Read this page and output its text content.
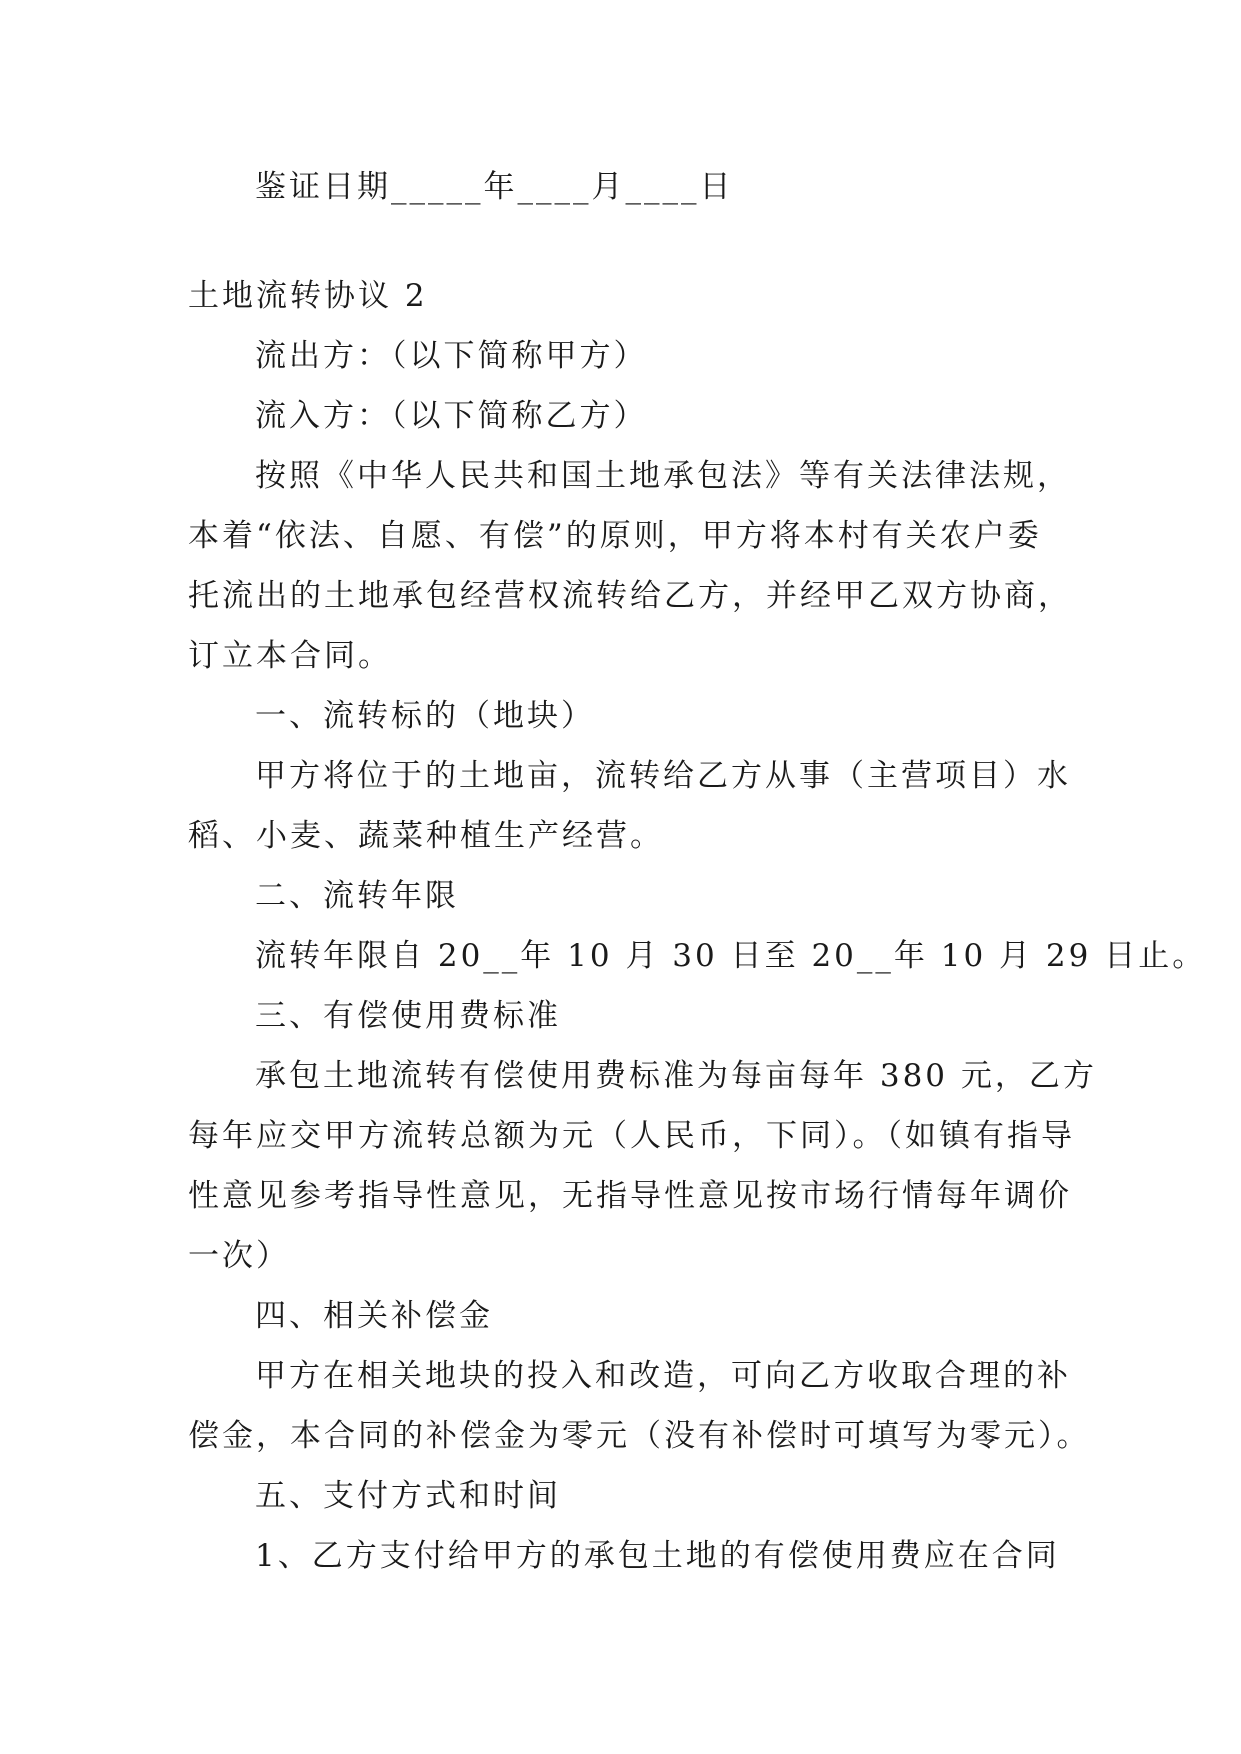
鉴证日期_____年____月____日
土地流转协议 2
流出方：（以下简称甲方）
流入方：（以下简称乙方）
按照《中华人民共和国土地承包法》等有关法律法规，
本着“依法、自愿、有偿”的原则，甲方将本村有关农户委
托流出的土地承包经营权流转给乙方，并经甲乙双方协商，
订立本合同。
一、流转标的（地块）
甲方将位于的土地亩，流转给乙方从事（主营项目）水
稻、小麦、蔬菜种植生产经营。
二、流转年限
流转年限自 20__年 10 月 30 日至 20__年 10 月 29 日止。
三、有偿使用费标准
承包土地流转有偿使用费标准为每亩每年 380 元，乙方
每年应交甲方流转总额为元（人民币，下同）。（如镇有指导
性意见参考指导性意见，无指导性意见按市场行情每年调价
一次）
四、相关补偿金
甲方在相关地块的投入和改造，可向乙方收取合理的补
偿金，本合同的补偿金为零元（没有补偿时可填写为零元）。
五、支付方式和时间
1、乙方支付给甲方的承包土地的有偿使用费应在合同
